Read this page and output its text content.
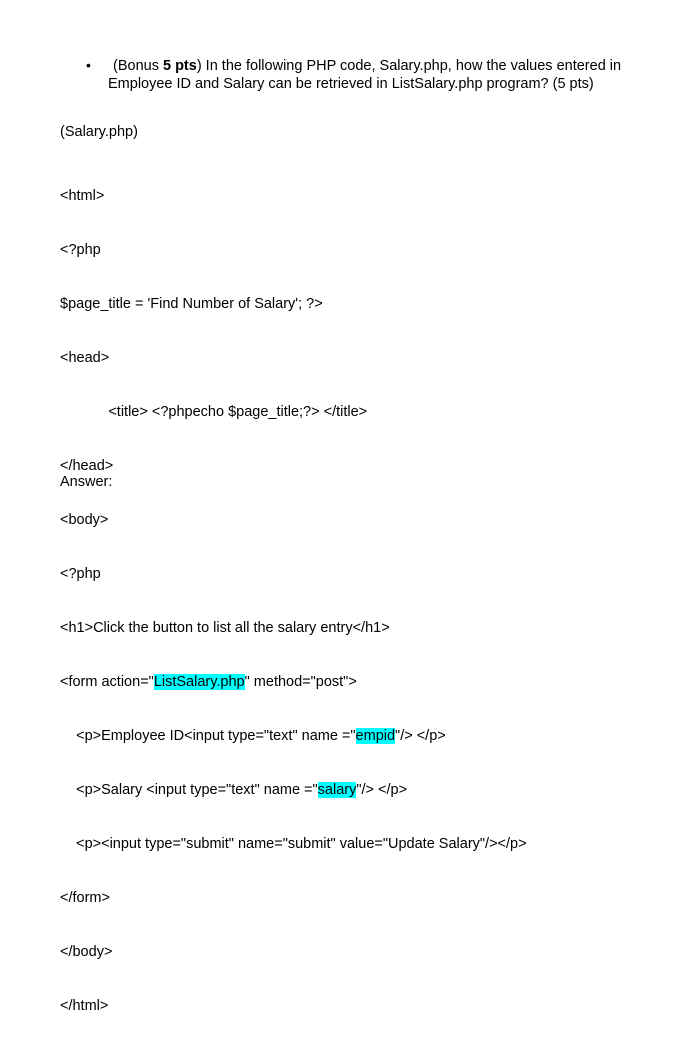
•	(Bonus 5 pts) In the following PHP code, Salary.php, how the values entered in Employee ID and Salary can be retrieved in ListSalary.php program? (5 pts)
(Salary.php)

<html>

<?php

$page_title = 'Find Number of Salary'; ?>

<head>

<title> <?phpecho $page_title;?> </title>

</head>

<body>

<?php

<h1>Click the button to list all the salary entry</h1>

<form action="ListSalary.php" method="post">

<p>Employee ID<input type="text" name ="empid"/> </p>

<p>Salary <input type="text" name ="salary"/> </p>

<p><input type="submit" name="submit" value="Update Salary"/></p>

</form>

</body>

</html>

Answer:
